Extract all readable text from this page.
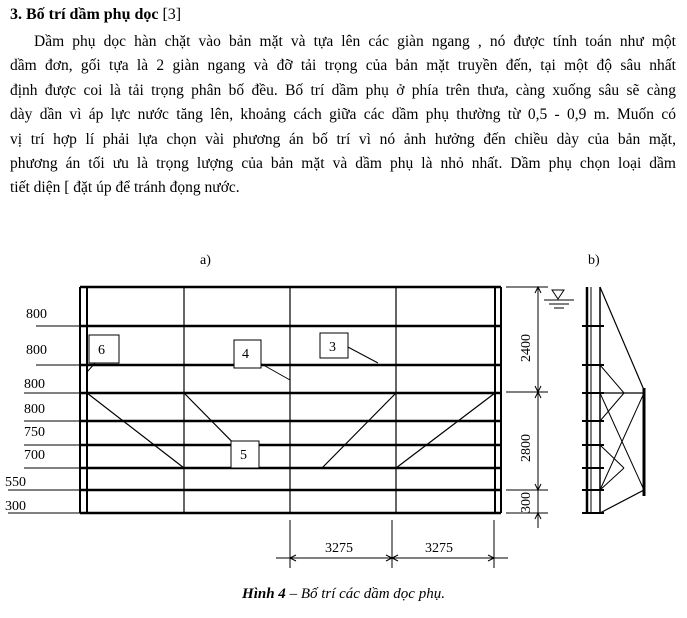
3. Bố trí dầm phụ dọc [3]
Dầm phụ dọc hàn chặt vào bản mặt và tựa lên các giàn ngang , nó được tính toán như một
dầm đơn, gối tựa là 2 giàn ngang và đỡ tải trọng của bản mặt truyền đến, tại một độ sâu nhất
định được coi là tải trọng phân bố đều. Bố trí dầm phụ ở phía trên thưa, càng xuống sâu sẽ càng
dày dần vì áp lực nước tăng lên, khoảng cách giữa các dầm phụ thường từ 0,5 - 0,9 m. Muốn có
vị trí hợp lí phải lựa chọn vài phương án bố trí vì nó ảnh hưởng đến chiều dày của bản mặt,
phương án tối ưu là trọng lượng của bản mặt và dầm phụ là nhỏ nhất. Dầm phụ chọn loại dầm
tiết diện [ đặt úp để tránh đọng nước.
a)	b)
6	4	3
5
800
800
800
800
750
700
550
300
2400
2800
300
3275	3275
Hình 4 – Bố trí các dầm dọc phụ.
